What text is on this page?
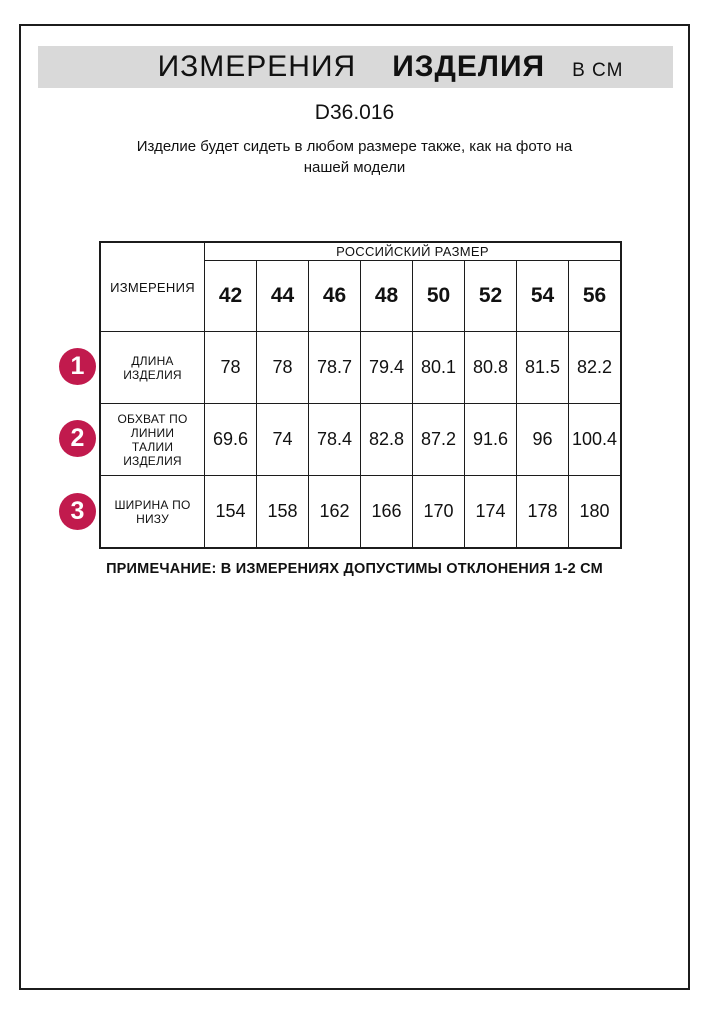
ИЗМЕРЕНИЯ ИЗДЕЛИЯ В СМ
D36.016
Изделие будет сидеть в любом размере также, как на фото на
нашей модели
ИЗМЕРЕНИЯ	РОССИЙСКИЙ РАЗМЕР							
	42	44	46	48	50	52	54	56
ДЛИНА ИЗДЕЛИЯ	78	78	78.7	79.4	80.1	80.8	81.5	82.2
ОБХВАТ ПО ЛИНИИ ТАЛИИ ИЗДЕЛИЯ	69.6	74	78.4	82.8	87.2	91.6	96	100.4
ШИРИНА ПО НИЗУ	154	158	162	166	170	174	178	180
1
2
3
ПРИМЕЧАНИЕ: В ИЗМЕРЕНИЯХ ДОПУСТИМЫ ОТКЛОНЕНИЯ 1-2 СМ
